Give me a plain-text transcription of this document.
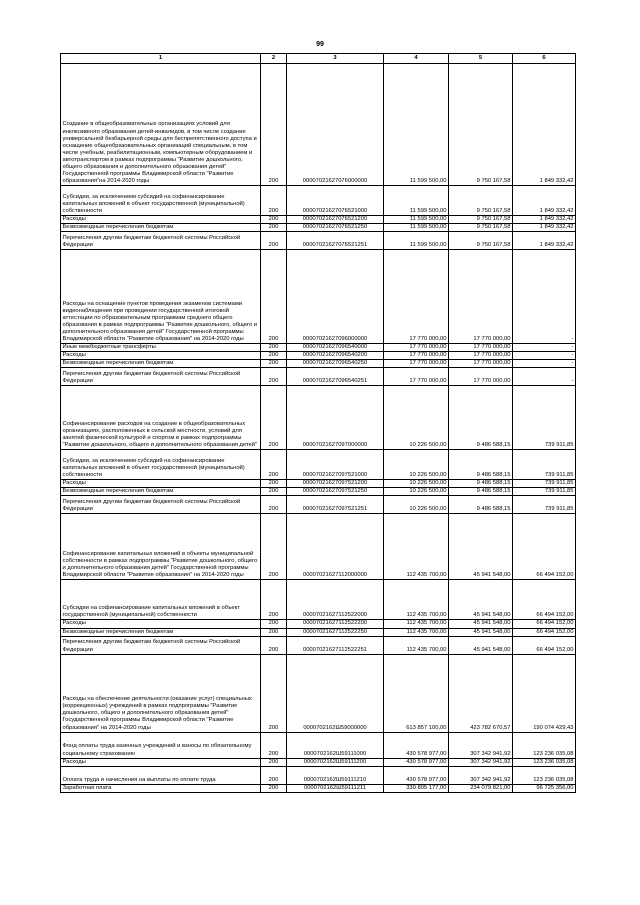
99
1	2	3	4	5	6
Создание в общеобразовательных организациях условий для инклюзивного образования детей-инвалидов, в том числе создание универсальной безбарьерной среды для беспрепятственного доступа и оснащение общеобразовательных организаций специальным, в том числе учебным, реабилитационным, компьютерным оборудованием и автотранспортом в рамках подпрограммы "Развитие дошкольного, общего образования и дополнительного образования детей" Государственной программы Владимирской области "Развитие образования"на 2014-2020 годы	200	00007021627076000000	11 599 500,00	9 750 167,58	1 849 332,42
Субсидии, за исключением субсидий на софинансирование капитальных вложений в объект государственной (муниципальной) собственности	200	00007021627076521000	11 599 500,00	9 750 167,58	1 849 332,42
Расходы	200	00007021627076521200	11 599 500,00	9 750 167,58	1 849 332,42
Безвозмездные перечисления бюджетам	200	00007021627076521250	11 599 500,00	9 750 167,58	1 849 332,42
Перечисления другим бюджетам бюджетной системы Российской Федерации	200	00007021627076521251	11 599 500,00	9 750 167,58	1 849 332,42
Расходы на оснащение пунктов проведения экзаменов системами видеонаблюдения при проведении государственной итоговой аттестации по образовательным программам среднего общего образования в рамках подпрограммы "Развитие дошкольного, общего и дополнительного образования детей" Государственной программы Владимирской области "Развитие образования" на 2014-2020 годы	200	00007021627096000000	17 770 000,00	17 770 000,00	-
Иные межбюджетные трансферты	200	00007021627096540000	17 770 000,00	17 770 000,00	-
Расходы	200	00007021627096540200	17 770 000,00	17 770 000,00	-
Безвозмездные перечисления бюджетам	200	00007021627096540250	17 770 000,00	17 770 000,00	-
Перечисления другим бюджетам бюджетной системы Российской Федерации	200	00007021627096540251	17 770 000,00	17 770 000,00	-
Софинансирование расходов на создание в общеобразовательных организациях, расположенных в сельской местности, условий для занятий физической культурой и спортом в рамках подпрограммы "Развитие дошкольного, общего и дополнительного образования детей"	200	00007021627097000000	10 226 500,00	9 486 588,15	739 911,85
Субсидии, за исключением субсидий на софинансирование капитальных вложений в объект государственной (муниципальной) собственности	200	00007021627097521000	10 226 500,00	9 486 588,15	739 911,85
Расходы	200	00007021627097521200	10 226 500,00	9 486 588,15	739 911,85
Безвозмездные перечисления бюджетам	200	00007021627097521250	10 226 500,00	9 486 588,15	739 911,85
Перечисления другим бюджетам бюджетной системы Российской Федерации	200	00007021627097521251	10 226 500,00	9 486 588,15	739 911,85
Софинансирование капитальных вложений в объекты муниципальной собственности в рамках подпрограммы "Развитие дошкольного, общего и дополнительного образования детей" Государственной программы Владимирской области "Развитие образования" на 2014-2020 годы	200	00007021627112000000	112 435 700,00	45 941 548,00	66 494 152,00
Субсидии на софинансирование капитальных вложений в объект государственной (муниципальной) собственности	200	00007021627112522000	112 435 700,00	45 941 548,00	66 494 152,00
Расходы	200	00007021627112522200	112 435 700,00	45 941 548,00	66 494 152,00
Безвозмездные перечисления бюджетам	200	00007021627112522250	112 435 700,00	45 941 548,00	66 494 152,00
Перечисления другим бюджетам бюджетной системы Российской Федерации	200	00007021627112522251	112 435 700,00	45 941 548,00	66 494 152,00
Расходы на обеспечение деятельности (оказание услуг) специальных (коррекционных) учреждений в рамках подпрограммы "Развитие дошкольного, общего и дополнительного образования детей" Государственной программы Владимирской области "Развитие образования" на 2014-2020 годы	200	0000702162Ш59000000	613 857 100,00	423 782 670,57	190 074 429,43
Фонд оплаты труда казенных учреждений и взносы по обязательному социальному страхованию	200	0000702162Ш59111000	430 578 977,00	307 342 941,92	123 236 035,08
Расходы	200	0000702162Ш59111200	430 578 977,00	307 342 941,92	123 236 035,08
Оплата труда и начисления на выплаты по оплате труда	200	0000702162Ш59111210	430 578 977,00	307 342 941,92	123 236 035,08
Заработная плата	200	0000702162Ш59111211	330 805 177,00	234 079 821,00	96 725 356,00
